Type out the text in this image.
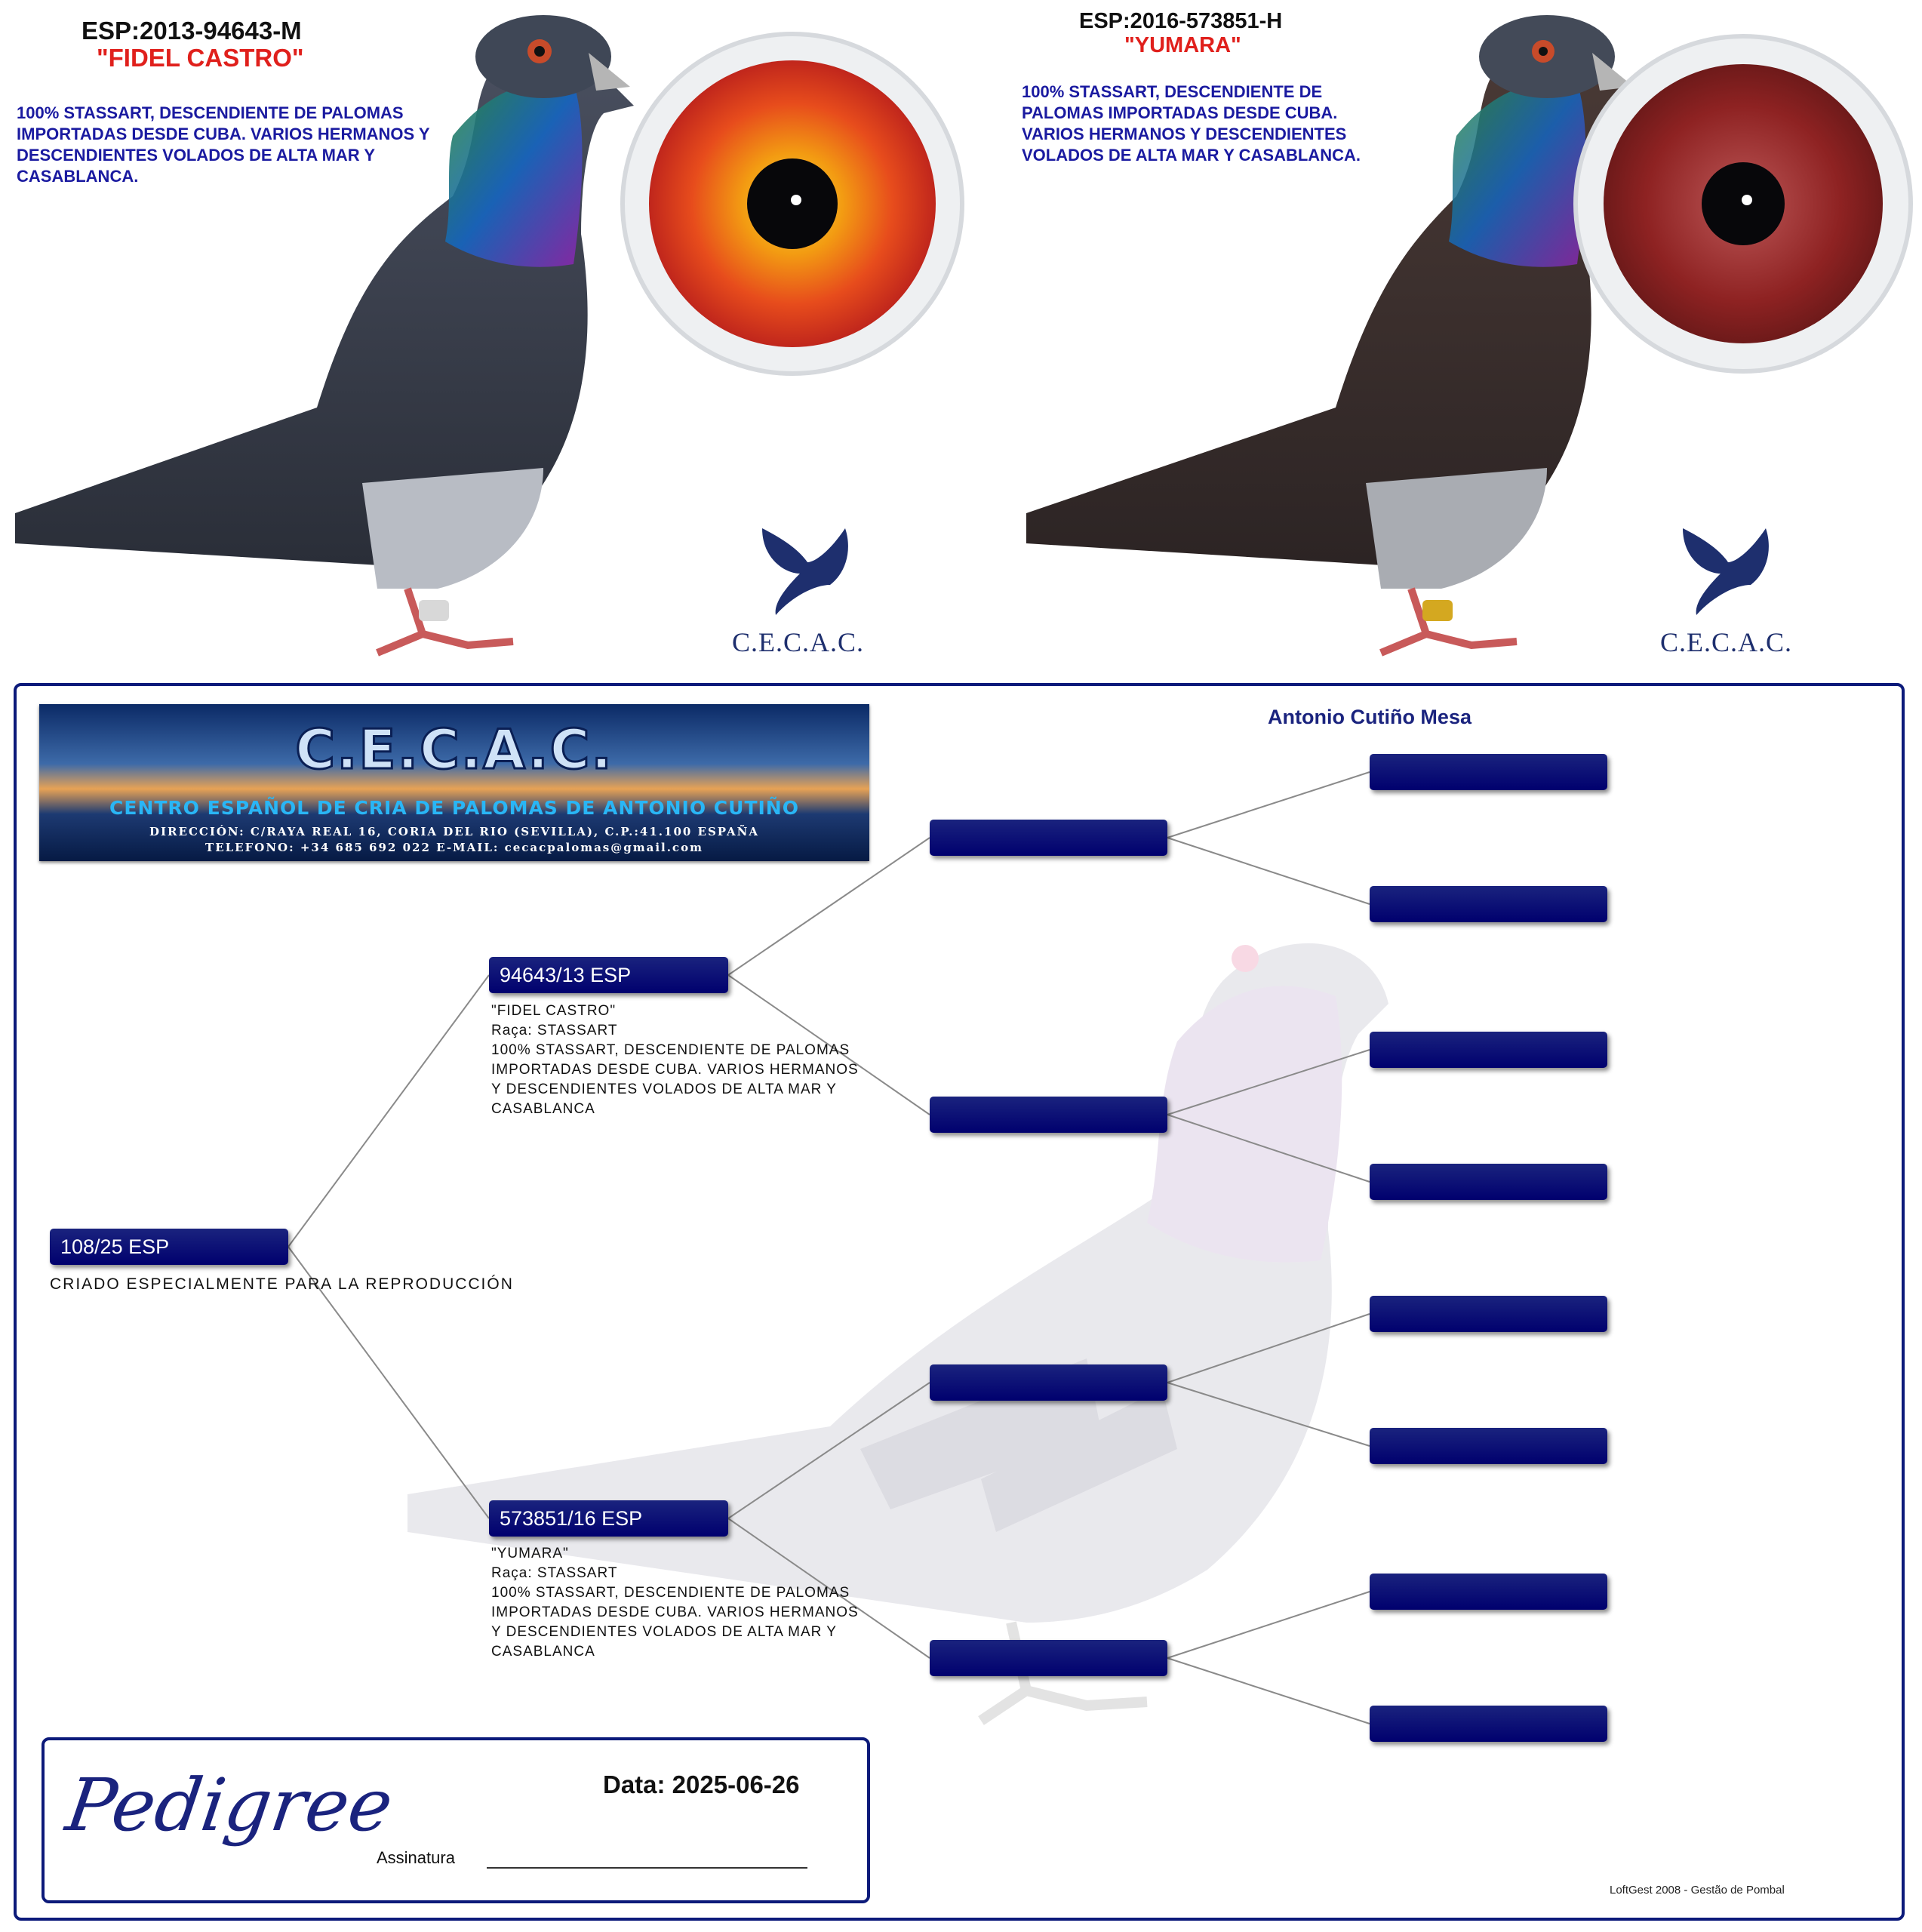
ESP:2013-94643-M
"FIDEL CASTRO"
100% STASSART, DESCENDIENTE DE PALOMAS IMPORTADAS DESDE CUBA. VARIOS HERMANOS Y DESCENDIENTES VOLADOS DE ALTA MAR Y CASABLANCA.
C.E.C.A.C.
ESP:2016-573851-H
"YUMARA"
100% STASSART, DESCENDIENTE DE PALOMAS IMPORTADAS DESDE CUBA. VARIOS HERMANOS Y DESCENDIENTES VOLADOS DE ALTA MAR Y CASABLANCA.
C.E.C.A.C.
C.E.C.A.C.
CENTRO ESPAÑOL DE CRIA DE PALOMAS DE ANTONIO CUTIÑO
DIRECCIÓN: C/RAYA REAL 16, CORIA DEL RIO (SEVILLA), C.P.:41.100 ESPAÑA
TELEFONO: +34 685 692 022 E-MAIL: cecacpalomas@gmail.com
Antonio Cutiño Mesa
108/25 ESP
CRIADO ESPECIALMENTE PARA LA REPRODUCCIÓN
94643/13 ESP
"FIDEL CASTRO"
Raça: STASSART
100% STASSART, DESCENDIENTE DE PALOMAS
IMPORTADAS DESDE CUBA. VARIOS HERMANOS
Y DESCENDIENTES VOLADOS DE ALTA MAR Y
CASABLANCA
573851/16 ESP
"YUMARA"
Raça: STASSART
100% STASSART, DESCENDIENTE DE PALOMAS
IMPORTADAS DESDE CUBA. VARIOS HERMANOS
Y DESCENDIENTES VOLADOS DE ALTA MAR Y
CASABLANCA
Pedigree	Data: 2025-06-26
Assinatura
LoftGest 2008 - Gestão de Pombal
